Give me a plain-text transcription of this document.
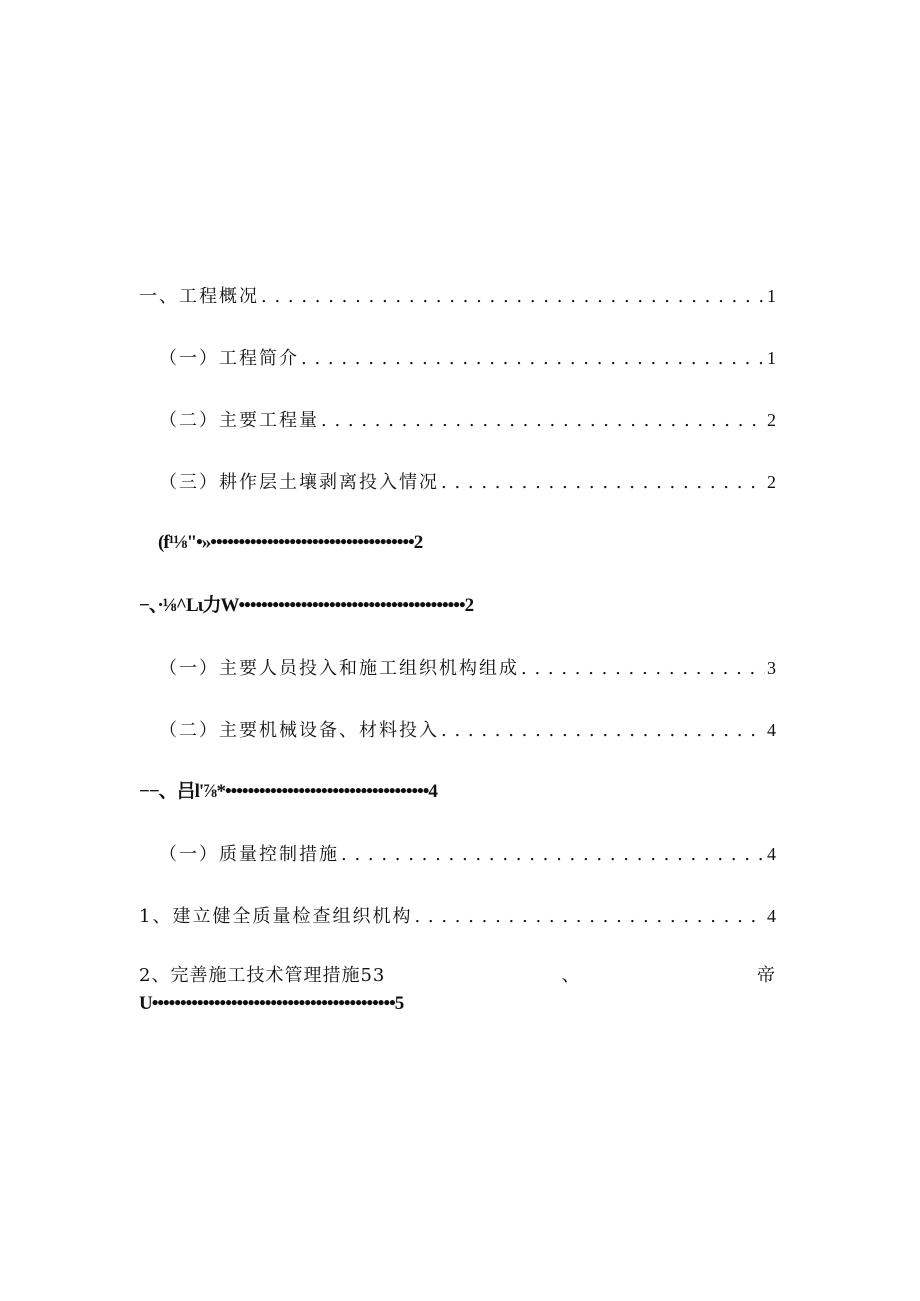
一、工程概况 . . .	1
（一）工程简介 . . .	1
（二）主要工程量 . . .	2
（三）耕作层土壤剥离投入情况 . . .	2
(f¹⅛"•»••••••••••••••••••••••••••••••••••••2
−、·⅛^Lι力W••••••••••••••••••••••••••••••••••••••••2
（一）主要人员投入和施工组织机构组成 . . .	3
（二）主要机械设备、材料投入 . . .	4
−−、吕l'⅞*••••••••••••••••••••••••••••••••••••4
（一）质量控制措施 . . .	4
1、建立健全质量检查组织机构 . . .	4
2、完善施工技术管理措施53	、	帝
U•••••••••••••••••••••••••••••••••••••••••••5
